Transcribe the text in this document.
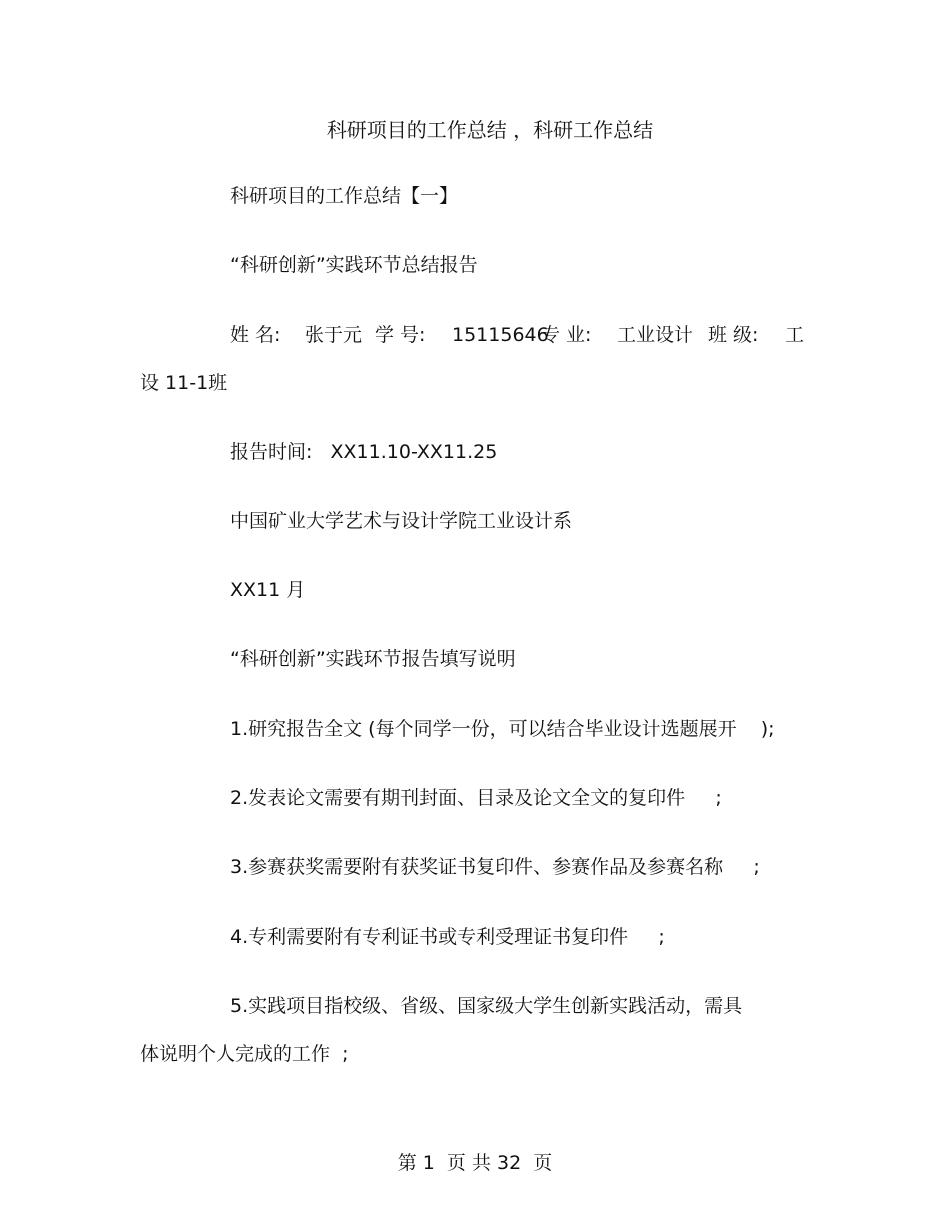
科研项目的工作总结 ，科研工作总结
科研项目的工作总结【一】
“科研创新”实践环节总结报告
姓 名: 张于元 学 号: 15115646
专 业: 工业设计 班 级: 工
设 11-1班
报告时间:   XX11.10-XX11.25
中国矿业大学艺术与设计学院工业设计系
XX11 月
“科研创新”实践环节报告填写说明
1.研究报告全文 (每个同学一份，可以结合毕业设计选题展开    );
2.发表论文需要有期刊封面、目录及论文全文的复印件     ;
3.参赛获奖需要附有获奖证书复印件、参赛作品及参赛名称     ;
4.专利需要附有专利证书或专利受理证书复印件     ;
5.实践项目指校级、省级、国家级大学生创新实践活动，需具
体说明个人完成的工作  ;
第 1  页 共 32  页
